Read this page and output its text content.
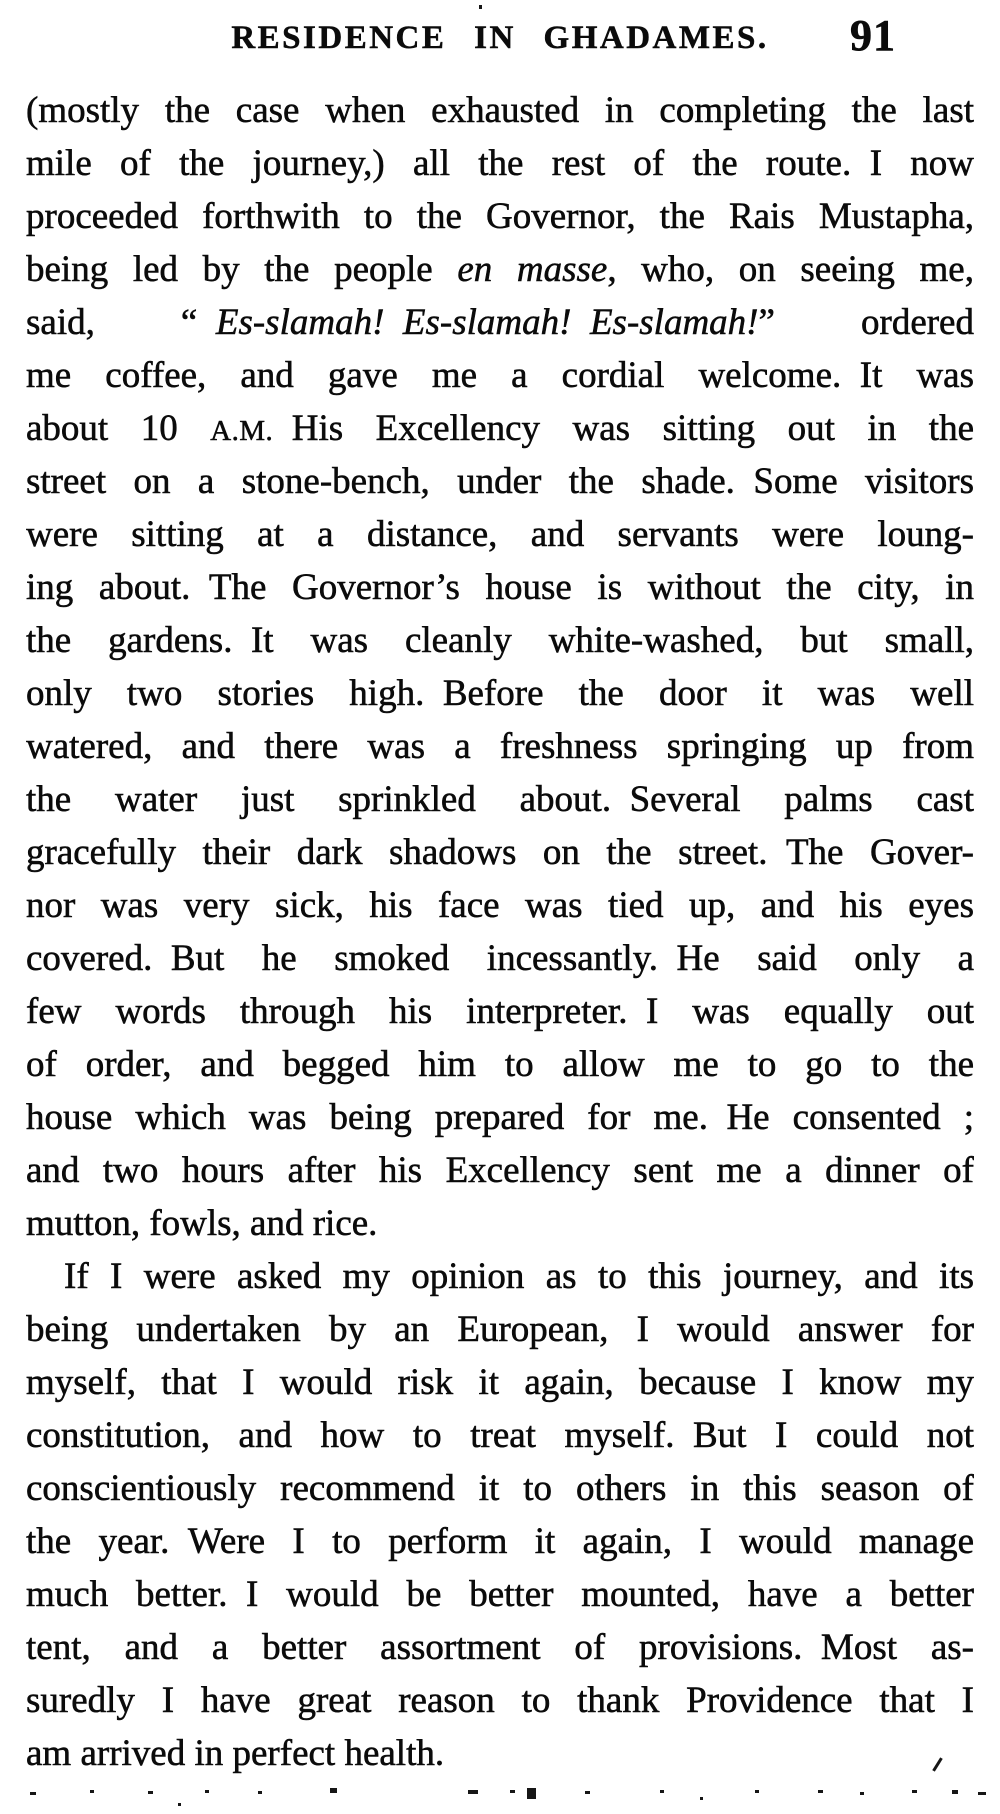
RESIDENCE IN GHADAMES.	91
(mostly the case when exhausted in completing the last
mile of the journey,) all the rest of the route. I now
proceeded forthwith to the Governor, the Rais Mustapha,
being led by the people en masse, who, on seeing me,
said, “ Es-slamah! Es-slamah! Es-slamah!” ordered
me coffee, and gave me a cordial welcome. It was
about 10 A.M. His Excellency was sitting out in the
street on a stone-bench, under the shade. Some visitors
were sitting at a distance, and servants were loung-
ing about. The Governor’s house is without the city, in
the gardens. It was cleanly white-washed, but small,
only two stories high. Before the door it was well
watered, and there was a freshness springing up from
the water just sprinkled about. Several palms cast
gracefully their dark shadows on the street. The Gover-
nor was very sick, his face was tied up, and his eyes
covered. But he smoked incessantly. He said only a
few words through his interpreter. I was equally out
of order, and begged him to allow me to go to the
house which was being prepared for me. He consented ;
and two hours after his Excellency sent me a dinner of
mutton, fowls, and rice.
If I were asked my opinion as to this journey, and its
being undertaken by an European, I would answer for
myself, that I would risk it again, because I know my
constitution, and how to treat myself. But I could not
conscientiously recommend it to others in this season of
the year. Were I to perform it again, I would manage
much better. I would be better mounted, have a better
tent, and a better assortment of provisions. Most as-
suredly I have great reason to thank Providence that I
am arrived in perfect health.
